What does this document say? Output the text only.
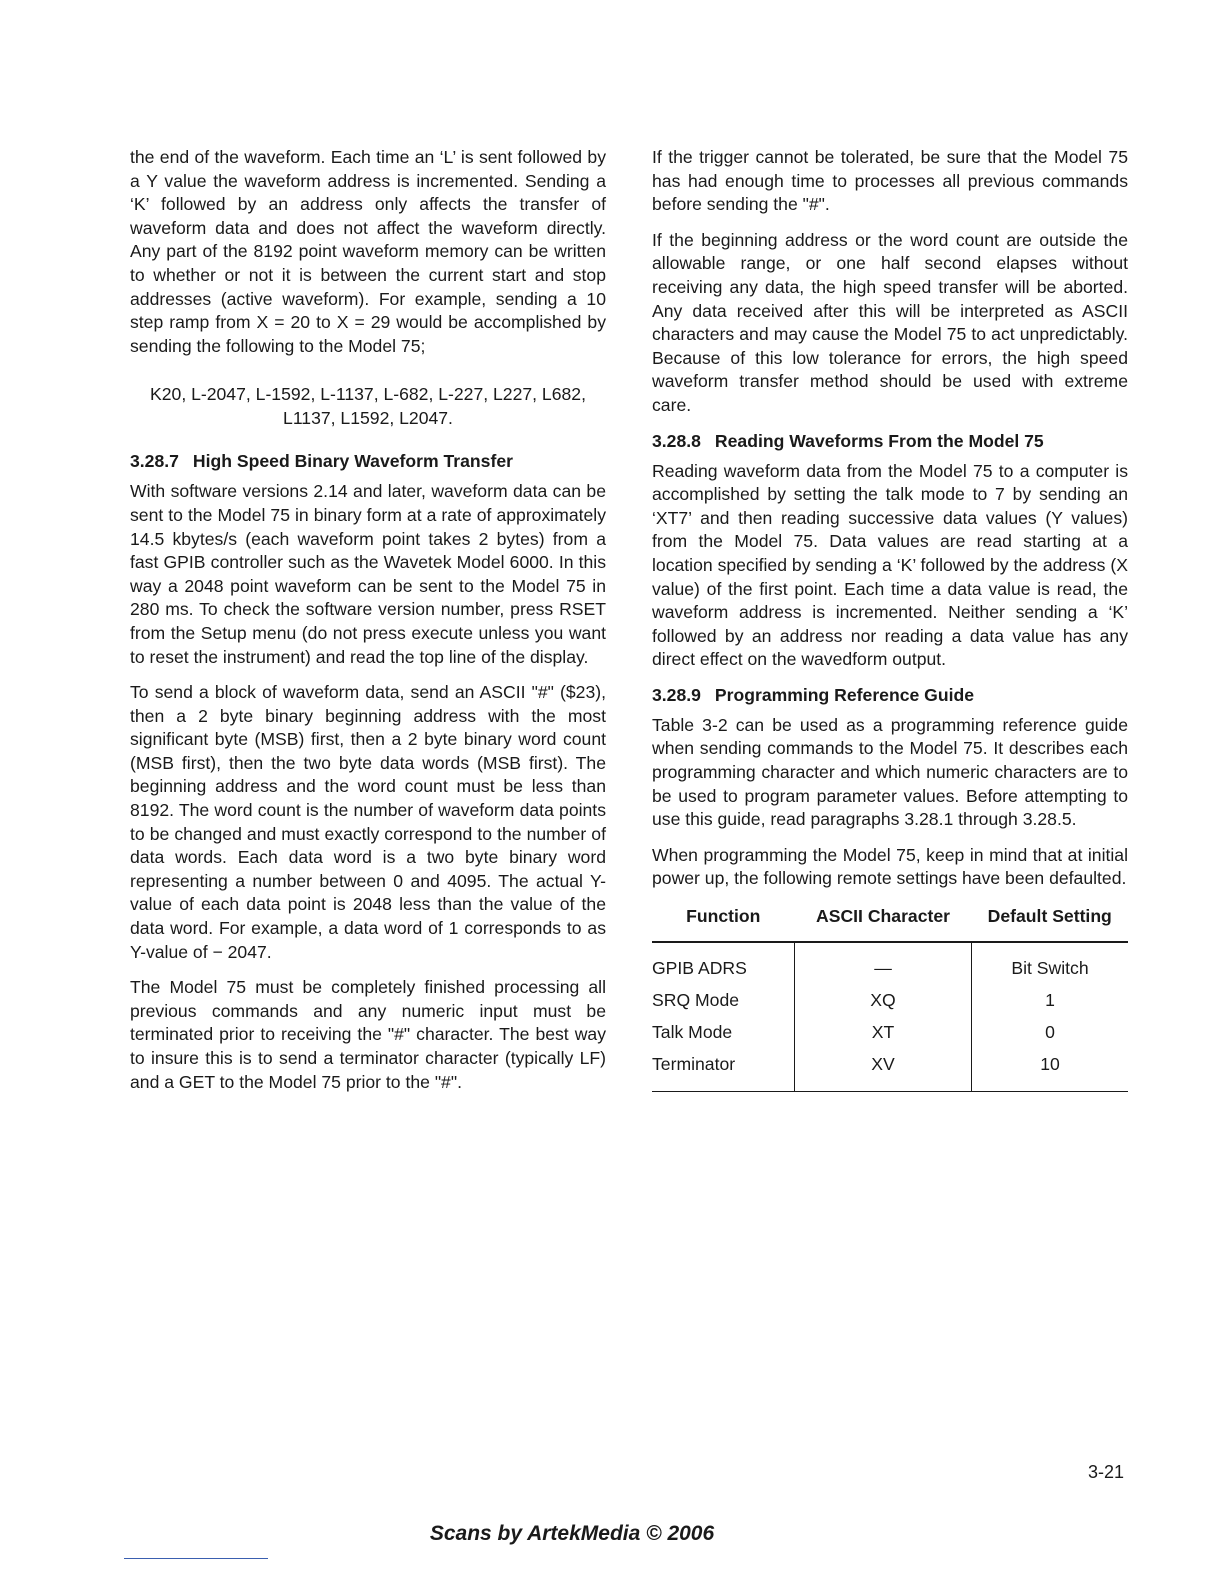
the end of the waveform. Each time an ‘L’ is sent followed by a Y value the waveform address is incremented. Sending a ‘K’ followed by an address only affects the transfer of waveform data and does not affect the waveform directly. Any part of the 8192 point waveform memory can be written to whether or not it is between the current start and stop addresses (active waveform). For example, sending a 10 step ramp from X = 20 to X = 29 would be accomplished by sending the following to the Model 75;

K20, L-2047, L-1592, L-1137, L-682, L-227, L227, L682,
L1137, L1592, L2047.
3.28.7 High Speed Binary Waveform Transfer

With software versions 2.14 and later, waveform data can be sent to the Model 75 in binary form at a rate of approximately 14.5 kbytes/s (each waveform point takes 2 bytes) from a fast GPIB controller such as the Wavetek Model 6000. In this way a 2048 point waveform can be sent to the Model 75 in 280 ms. To check the software version number, press RSET from the Setup menu (do not press execute unless you want to reset the instrument) and read the top line of the display.

To send a block of waveform data, send an ASCII "#" ($23), then a 2 byte binary beginning address with the most significant byte (MSB) first, then a 2 byte binary word count (MSB first), then the two byte data words (MSB first). The beginning address and the word count must be less than 8192. The word count is the number of waveform data points to be changed and must exactly correspond to the number of data words. Each data word is a two byte binary word representing a number between 0 and 4095. The actual Y-value of each data point is 2048 less than the value of the data word. For example, a data word of 1 corresponds to as Y-value of − 2047.

The Model 75 must be completely finished processing all previous commands and any numeric input must be terminated prior to receiving the "#" character. The best way to insure this is to send a terminator character (typically LF) and a GET to the Model 75 prior to the "#".

If the trigger cannot be tolerated, be sure that the Model 75 has had enough time to processes all previous commands before sending the "#".

If the beginning address or the word count are outside the allowable range, or one half second elapses without receiving any data, the high speed transfer will be aborted. Any data received after this will be interpreted as ASCII characters and may cause the Model 75 to act unpredictably. Because of this low tolerance for errors, the high speed waveform transfer method should be used with extreme care.

3.28.8 Reading Waveforms From the Model 75

Reading waveform data from the Model 75 to a computer is accomplished by setting the talk mode to 7 by sending an ‘XT7’ and then reading successive data values (Y values) from the Model 75. Data values are read starting at a location specified by sending a ‘K’ followed by the address (X value) of the first point. Each time a data value is read, the waveform address is incremented. Neither sending a ‘K’ followed by an address nor reading a data value has any direct effect on the wavedform output.

3.28.9 Programming Reference Guide

Table 3-2 can be used as a programming reference guide when sending commands to the Model 75. It describes each programming character and which numeric characters are to be used to program parameter values. Before attempting to use this guide, read paragraphs 3.28.1 through 3.28.5.

When programming the Model 75, keep in mind that at initial power up, the following remote settings have been defaulted.

Function	ASCII Character	Default Setting
GPIB ADRS	—	Bit Switch
SRQ Mode	XQ	1
Talk Mode	XT	0
Terminator	XV	10
3-21
Scans by ArtekMedia © 2006
